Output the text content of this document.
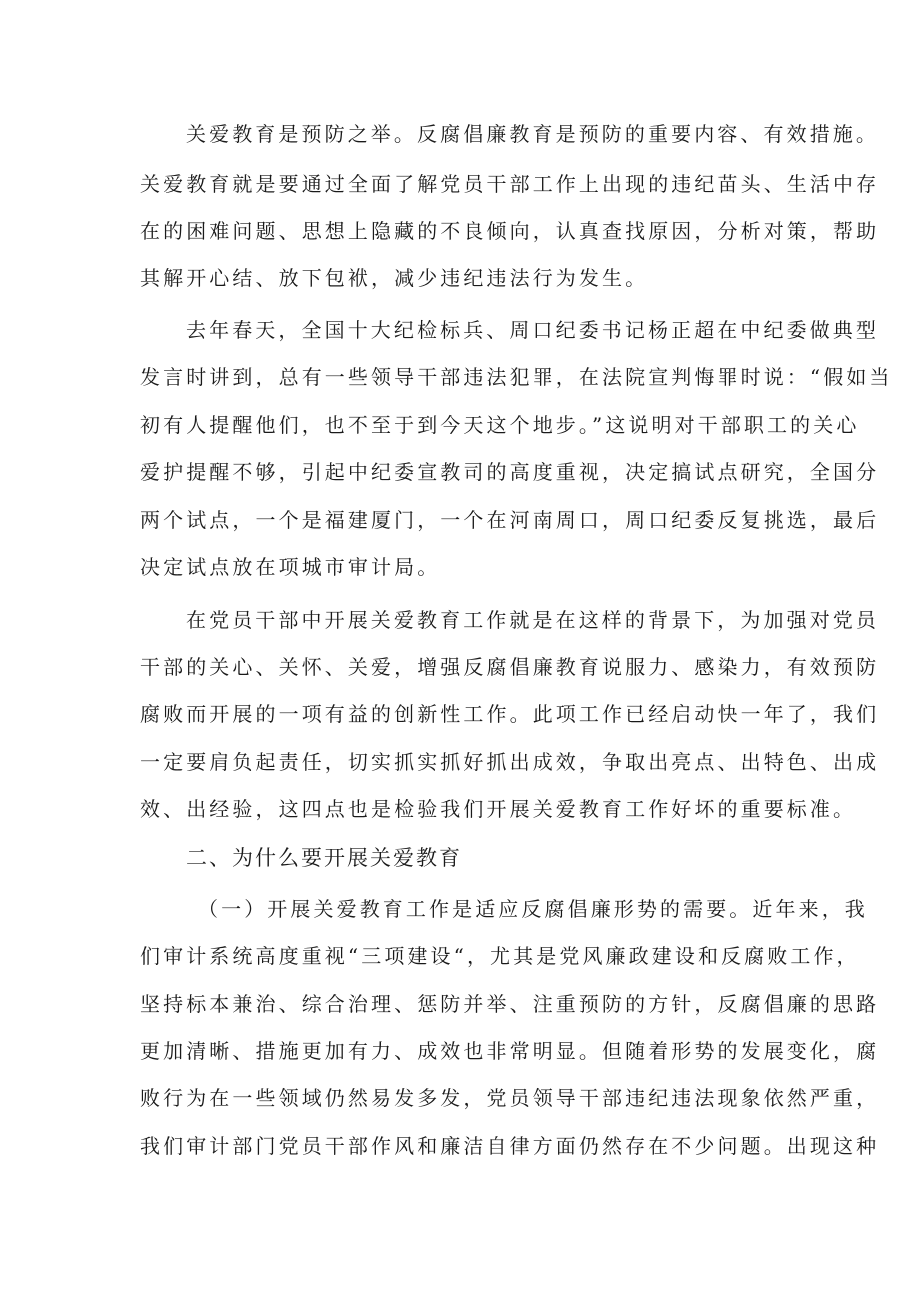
关爱教育是预防之举。反腐倡廉教育是预防的重要内容、有效措施。
关爱教育就是要通过全面了解党员干部工作上出现的违纪苗头、生活中存
在的困难问题、思想上隐藏的不良倾向，认真查找原因，分析对策，帮助
其解开心结、放下包袱，减少违纪违法行为发生。
去年春天，全国十大纪检标兵、周口纪委书记杨正超在中纪委做典型
发言时讲到，总有一些领导干部违法犯罪，在法院宣判悔罪时说：“假如当
初有人提醒他们，也不至于到今天这个地步。”这说明对干部职工的关心
爱护提醒不够，引起中纪委宣教司的高度重视，决定搞试点研究，全国分
两个试点，一个是福建厦门，一个在河南周口，周口纪委反复挑选，最后
决定试点放在项城市审计局。
在党员干部中开展关爱教育工作就是在这样的背景下，为加强对党员
干部的关心、关怀、关爱，增强反腐倡廉教育说服力、感染力，有效预防
腐败而开展的一项有益的创新性工作。此项工作已经启动快一年了，我们
一定要肩负起责任，切实抓实抓好抓出成效，争取出亮点、出特色、出成
效、出经验，这四点也是检验我们开展关爱教育工作好坏的重要标准。
二、为什么要开展关爱教育
（一）开展关爱教育工作是适应反腐倡廉形势的需要。近年来，我
们审计系统高度重视“三项建设“，尤其是党风廉政建设和反腐败工作，
坚持标本兼治、综合治理、惩防并举、注重预防的方针，反腐倡廉的思路
更加清晰、措施更加有力、成效也非常明显。但随着形势的发展变化，腐
败行为在一些领域仍然易发多发，党员领导干部违纪违法现象依然严重，
我们审计部门党员干部作风和廉洁自律方面仍然存在不少问题。出现这种
